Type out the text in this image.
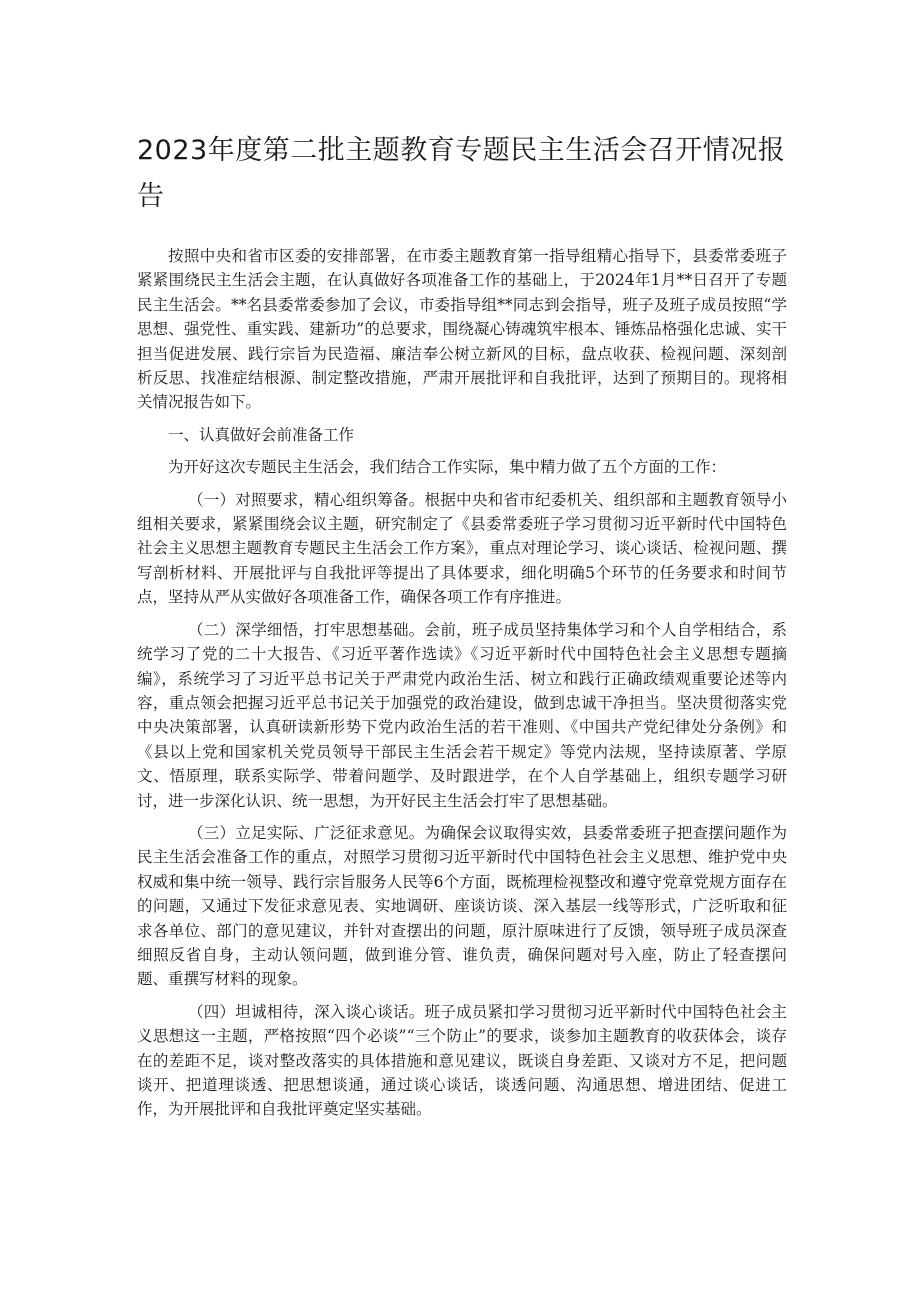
2023年度第二批主题教育专题民主生活会召开情况报告

按照中央和省市区委的安排部署，在市委主题教育第一指导组精心指导下，县委常委班子紧紧围绕民主生活会主题，在认真做好各项准备工作的基础上，于2024年1月**日召开了专题民主生活会。**名县委常委参加了会议，市委指导组**同志到会指导，班子及班子成员按照“学思想、强党性、重实践、建新功”的总要求，围绕凝心铸魂筑牢根本、锤炼品格强化忠诚、实干担当促进发展、践行宗旨为民造福、廉洁奉公树立新风的目标，盘点收获、检视问题、深刻剖析反思、找准症结根源、制定整改措施，严肃开展批评和自我批评，达到了预期目的。现将相关情况报告如下。

一、认真做好会前准备工作

为开好这次专题民主生活会，我们结合工作实际，集中精力做了五个方面的工作：

（一）对照要求，精心组织筹备。根据中央和省市纪委机关、组织部和主题教育领导小组相关要求，紧紧围绕会议主题，研究制定了《县委常委班子学习贯彻习近平新时代中国特色社会主义思想主题教育专题民主生活会工作方案》，重点对理论学习、谈心谈话、检视问题、撰写剖析材料、开展批评与自我批评等提出了具体要求，细化明确5个环节的任务要求和时间节点，坚持从严从实做好各项准备工作，确保各项工作有序推进。

（二）深学细悟，打牢思想基础。会前，班子成员坚持集体学习和个人自学相结合，系统学习了党的二十大报告、《习近平著作选读》《习近平新时代中国特色社会主义思想专题摘编》，系统学习了习近平总书记关于严肃党内政治生活、树立和践行正确政绩观重要论述等内容，重点领会把握习近平总书记关于加强党的政治建设，做到忠诚干净担当。坚决贯彻落实党中央决策部署，认真研读新形势下党内政治生活的若干准则、《中国共产党纪律处分条例》和《县以上党和国家机关党员领导干部民主生活会若干规定》等党内法规，坚持读原著、学原文、悟原理，联系实际学、带着问题学、及时跟进学，在个人自学基础上，组织专题学习研讨，进一步深化认识、统一思想，为开好民主生活会打牢了思想基础。

（三）立足实际、广泛征求意见。为确保会议取得实效，县委常委班子把查摆问题作为民主生活会准备工作的重点，对照学习贯彻习近平新时代中国特色社会主义思想、维护党中央权威和集中统一领导、践行宗旨服务人民等6个方面，既梳理检视整改和遵守党章党规方面存在的问题，又通过下发征求意见表、实地调研、座谈访谈、深入基层一线等形式，广泛听取和征求各单位、部门的意见建议，并针对查摆出的问题，原汁原味进行了反馈，领导班子成员深查细照反省自身，主动认领问题，做到谁分管、谁负责，确保问题对号入座，防止了轻查摆问题、重撰写材料的现象。

（四）坦诚相待，深入谈心谈话。班子成员紧扣学习贯彻习近平新时代中国特色社会主义思想这一主题，严格按照“四个必谈”“三个防止”的要求，谈参加主题教育的收获体会，谈存在的差距不足，谈对整改落实的具体措施和意见建议，既谈自身差距、又谈对方不足，把问题谈开、把道理谈透、把思想谈通，通过谈心谈话，谈透问题、沟通思想、增进团结、促进工作，为开展批评和自我批评奠定坚实基础。
